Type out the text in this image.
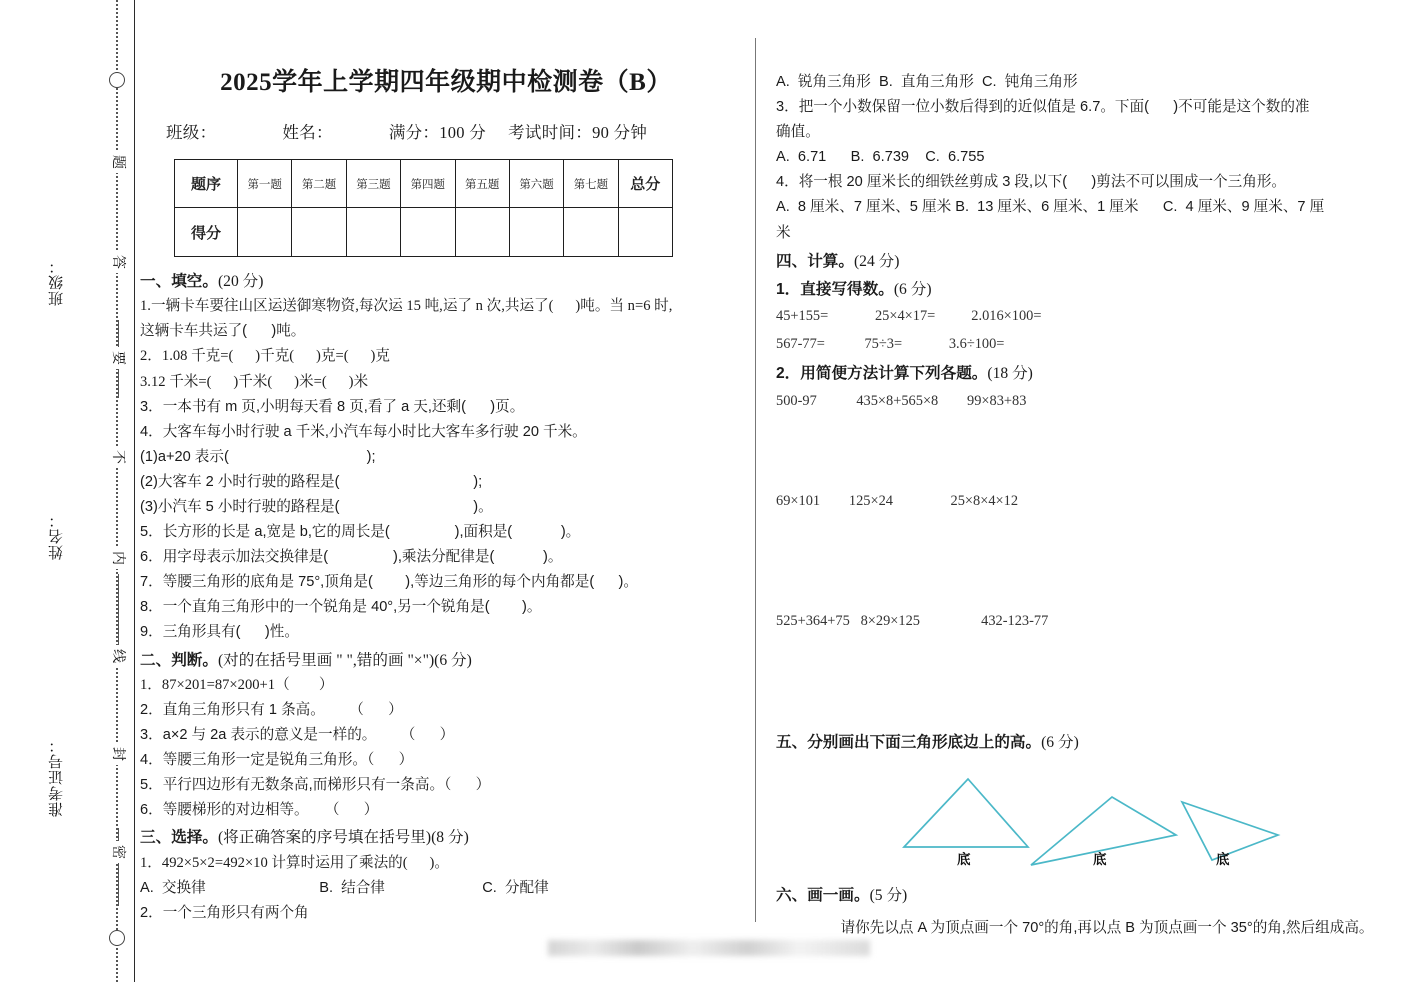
班级：
姓名：
准考证号：
题
答
要
不
内
线
封
密
2025学年上学期四年级期中检测卷（B）
班级：	姓名：	满分：100 分 考试时间：90 分钟
题序	第一题	第二题	第三题	第四题	第五题	第六题	第七题	总分
得分								
一、填空。(20 分)
1.一辆卡车要往山区运送御寒物资,每次运 15 吨,运了 n 次,共运了(      )吨。当 n=6 时,
这辆卡车共运了(      )吨。
2．1.08 千克=(      )千克(      )克=(      )克
3.12 千米=(      )千米(      )米=(      )米
3．一本书有 m 页,小明每天看 8 页,看了 a 天,还剩(      )页。
4．大客车每小时行驶 a 千米,小汽车每小时比大客车多行驶 20 千米。
(1)a+20 表示(                                  );
(2)大客车 2 小时行驶的路程是(                                 );
(3)小汽车 5 小时行驶的路程是(                                 )。
5．长方形的长是 a,宽是 b,它的周长是(                ),面积是(            )。
6．用字母表示加法交换律是(                ),乘法分配律是(            )。
7．等腰三角形的底角是 75°,顶角是(        ),等边三角形的每个内角都是(      )。
8．一个直角三角形中的一个锐角是 40°,另一个锐角是(        )。
9．三角形具有(      )性。
二、判断。(对的在括号里画 " ",错的画 "×")(6 分)
1．87×201=87×200+1（        ）
2．直角三角形只有 1 条高。      （      ）
3．a×2 与 2a 表示的意义是一样的。      （      ）
4．等腰三角形一定是锐角三角形。（      ）
5．平行四边形有无数条高,而梯形只有一条高。（      ）
6．等腰梯形的对边相等。    （      ）
三、选择。(将正确答案的序号填在括号里)(8 分)
1．492×5×2=492×10 计算时运用了乘法的(      )。
A.  交换律                            B.  结合律                        C.  分配律
2．一个三角形只有两个角
A.  锐角三角形  B.  直角三角形  C.  钝角三角形
3．把一个小数保留一位小数后得到的近似值是 6.7。下面(      )不可能是这个数的准
确值。
A.  6.71      B.  6.739    C.  6.755
4．将一根 20 厘米长的细铁丝剪成 3 段,以下(      )剪法不可以围成一个三角形。
A.  8 厘米、7 厘米、5 厘米 B.  13 厘米、6 厘米、1 厘米      C.  4 厘米、9 厘米、7 厘
米
四、计算。(24 分)
1．直接写得数。(6 分)
45+155=             25×4×17=          2.016×100=
567-77=           75÷3=             3.6÷100=
2．用简便方法计算下列各题。(18 分)
500-97           435×8+565×8        99×83+83
69×101        125×24                25×8×4×12
525+364+75   8×29×125                 432-123-77
五、分别画出下面三角形底边上的高。(6 分)
底	底	底
六、画一画。(5 分)
请你先以点 A 为顶点画一个 70°的角,再以点 B 为顶点画一个 35°的角,然后组成高。
